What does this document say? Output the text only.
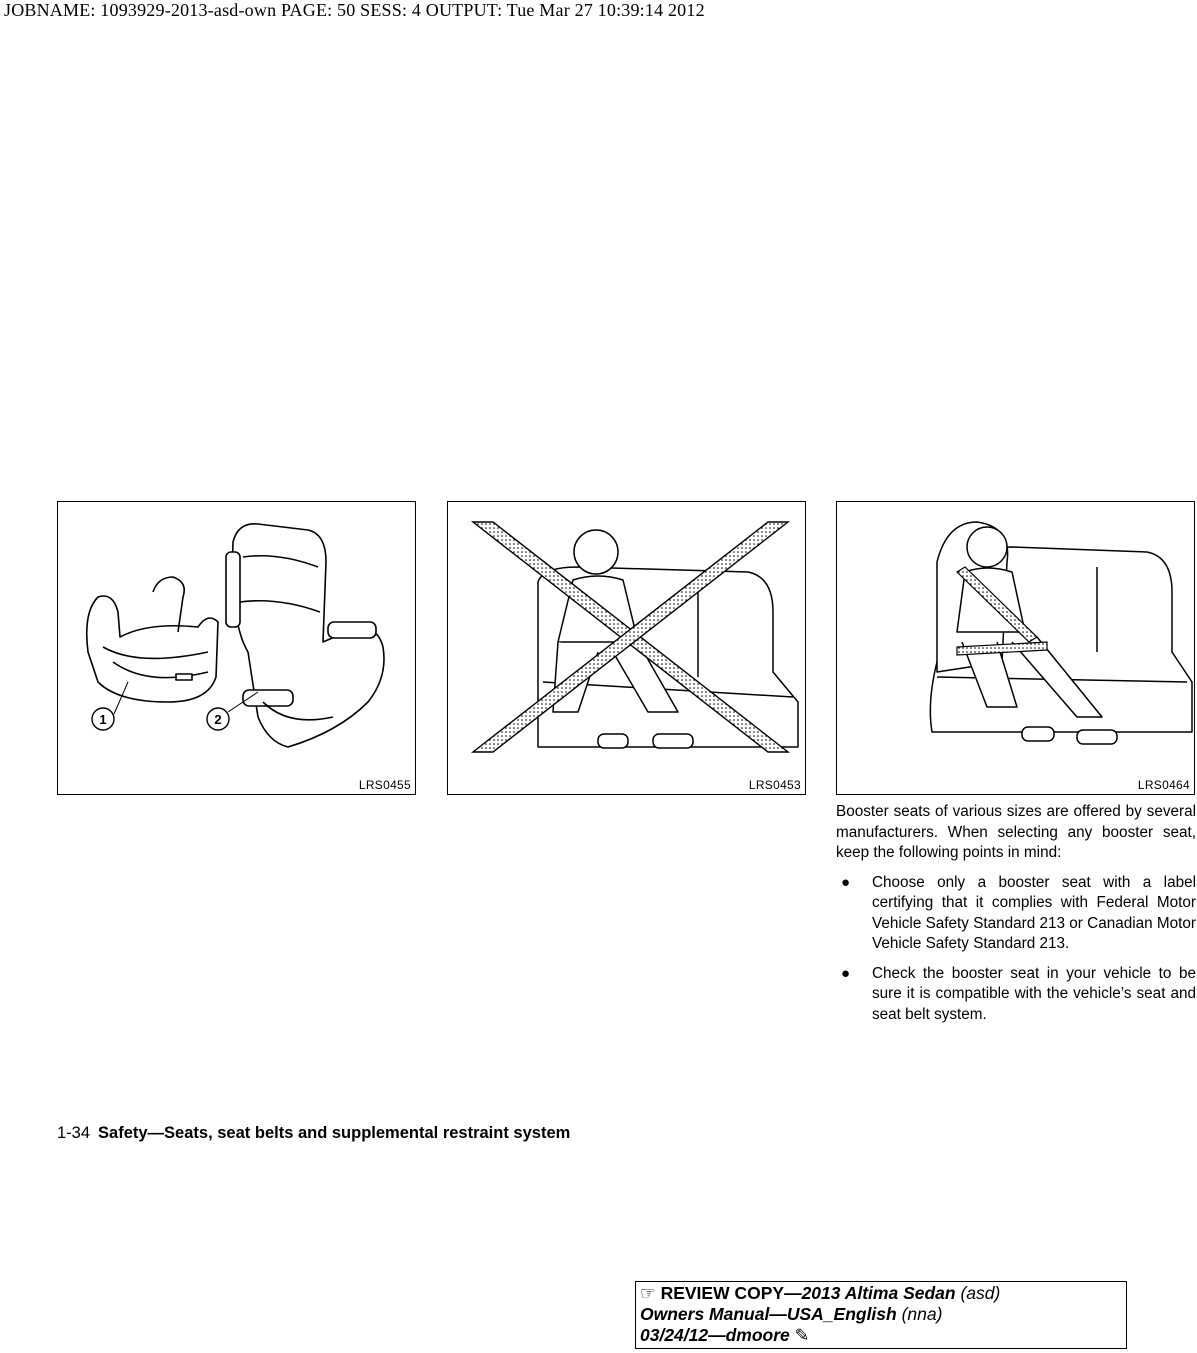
JOBNAME: 1093929-2013-asd-own PAGE: 50 SESS: 4 OUTPUT: Tue Mar 27 10:39:14 2012
1	2
LRS0455	LRS0453	LRS0464

Booster seats of various sizes are offered by several manufacturers. When selecting any booster seat, keep the following points in mind:

● Choose only a booster seat with a label certifying that it complies with Federal Motor Vehicle Safety Standard 213 or Canadian Motor Vehicle Safety Standard 213.
● Check the booster seat in your vehicle to be sure it is compatible with the vehicle’s seat and seat belt system.
1-34 Safety—Seats, seat belts and supplemental restraint system
☞ REVIEW COPY—2013 Altima Sedan (asd)
Owners Manual—USA_English (nna)
03/24/12—dmoore ✎
